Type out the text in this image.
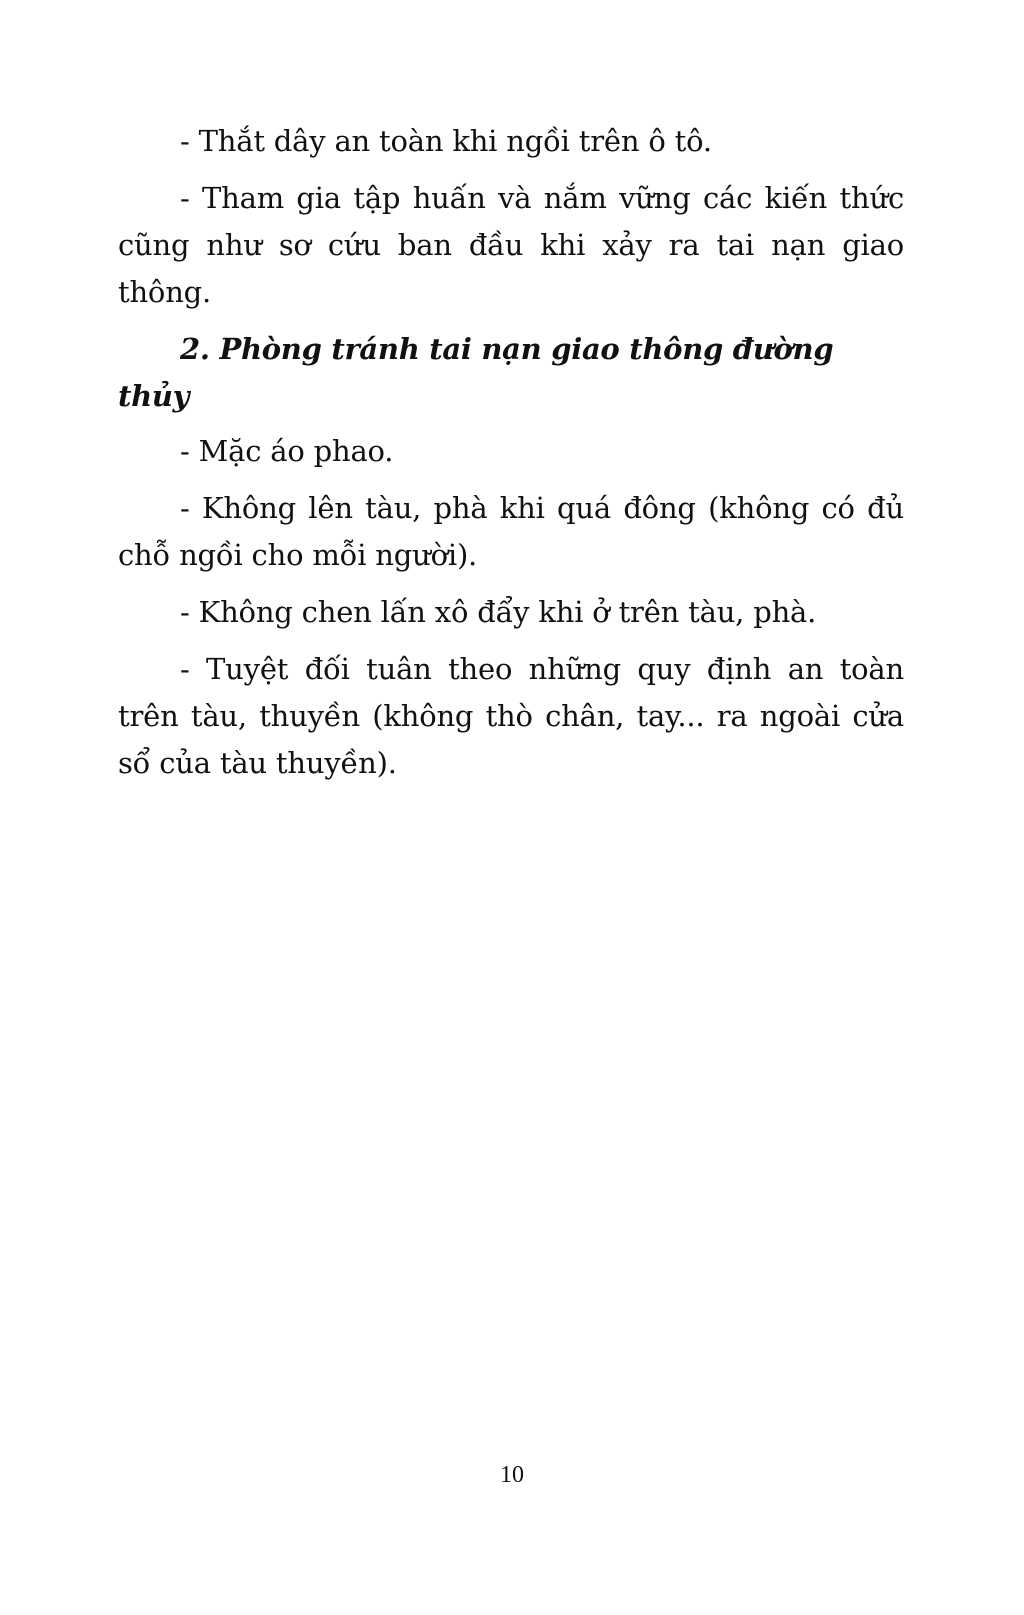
- Thắt dây an toàn khi ngồi trên ô tô.

- Tham gia tập huấn và nắm vững các kiến thức cũng như sơ cứu ban đầu khi xảy ra tai nạn giao thông.

2. Phòng tránh tai nạn giao thông đường thủy

- Mặc áo phao.

- Không lên tàu, phà khi quá đông (không có đủ chỗ ngồi cho mỗi người).

- Không chen lấn xô đẩy khi ở trên tàu, phà.

- Tuyệt đối tuân theo những quy định an toàn trên tàu, thuyền (không thò chân, tay... ra ngoài cửa sổ của tàu thuyền).

10
